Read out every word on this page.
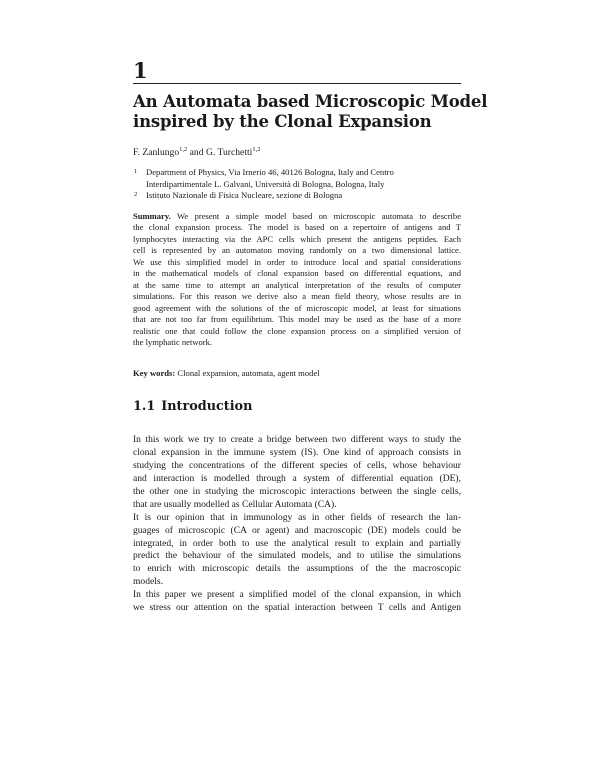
1
An Automata based Microscopic Model
inspired by the Clonal Expansion
F. Zanlungo$^{1,2}$ and G. Turchetti$^{1,2}$
1 Department of Physics, Via Irnerio 46, 40126 Bologna, Italy and Centro
Interdipartimentale L. Galvani, Università di Bologna, Bologna, Italy
2 Istituto Nazionale di Fisica Nucleare, sezione di Bologna
Summary. We present a simple model based on microscopic automata to describe
the clonal expansion process. The model is based on a repertoire of antigens and T
lymphocytes interacting via the APC cells which present the antigens peptides. Each
cell is represented by an automaton moving randomly on a two dimensional lattice.
We use this simplified model in order to introduce local and spatial considerations
in the mathematical models of clonal expansion based on differential equations, and
at the same time to attempt an analytical interpretation of the results of computer
simulations. For this reason we derive also a mean field theory, whose results are in
good agreement with the solutions of the of microscopic model, at least for situations
that are not too far from equilibrium. This model may be used as the base of a more
realistic one that could follow the clone expansion process on a simplified version of
the lymphatic network.
Key words: Clonal expansion, automata, agent model
1.1 Introduction
In this work we try to create a bridge between two different ways to study the
clonal expansion in the immune system (IS). One kind of approach consists in
studying the concentrations of the different species of cells, whose behaviour
and interaction is modelled through a system of differential equation (DE),
the other one in studying the microscopic interactions between the single cells,
that are usually modelled as Cellular Automata (CA).
It is our opinion that in immunology as in other fields of research the lan-
guages of microscopic (CA or agent) and macroscopic (DE) models could be
integrated, in order both to use the analytical result to explain and partially
predict the behaviour of the simulated models, and to utilise the simulations
to enrich with microscopic details the assumptions of the the macroscopic
models.
In this paper we present a simplified model of the clonal expansion, in which
we stress our attention on the spatial interaction between T cells and Antigen
